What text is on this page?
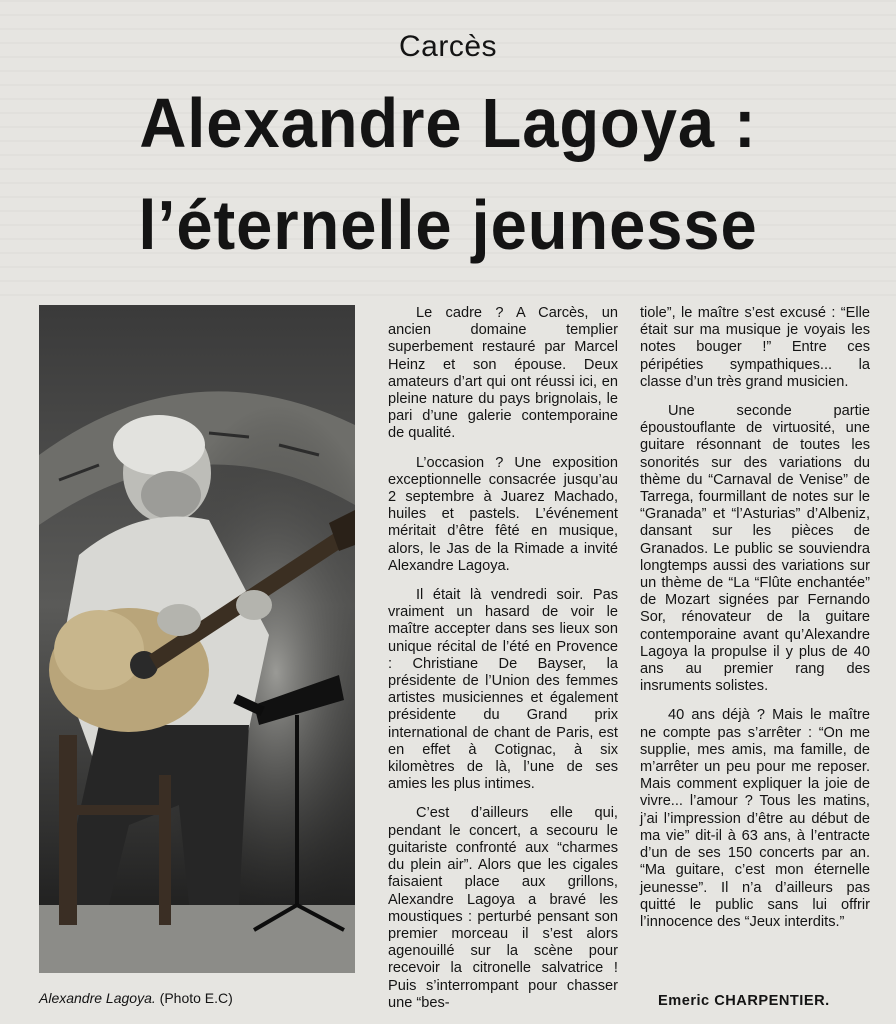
Carcès
Alexandre Lagoya :
l’éternelle jeunesse
Alexandre Lagoya. (Photo E.C)

Le cadre ? A Carcès, un ancien domaine templier superbement restauré par Marcel Heinz et son épouse. Deux amateurs d’art qui ont réussi ici, en pleine nature du pays brignolais, le pari d’une galerie contemporaine de qualité.

L’occasion ? Une exposition exceptionnelle consacrée jusqu’au 2 septembre à Juarez Machado, huiles et pastels. L’événement méritait d’être fêté en musique, alors, le Jas de la Rimade a invité Alexandre Lagoya.

Il était là vendredi soir. Pas vraiment un hasard de voir le maître accepter dans ses lieux son unique récital de l’été en Provence : Christiane De Bayser, la présidente de l’Union des femmes artistes musiciennes et également présidente du Grand prix international de chant de Paris, est en effet à Cotignac, à six kilomètres de là, l’une de ses amies les plus intimes.

C’est d’ailleurs elle qui, pendant le concert, a secouru le guitariste confronté aux “charmes du plein air”. Alors que les cigales faisaient place aux grillons, Alexandre Lagoya a bravé les moustiques : perturbé pensant son premier morceau il s’est alors agenouillé sur la scène pour recevoir la citronelle salvatrice ! Puis s’interrompant pour chasser une “bes-

tiole”, le maître s’est excusé : “Elle était sur ma musique je voyais les notes bouger !” Entre ces péripéties sympathiques... la classe d’un très grand musicien.

Une seconde partie époustouflante de virtuosité, une guitare résonnant de toutes les sonorités sur des variations du thème du “Carnaval de Venise” de Tarrega, fourmillant de notes sur le “Granada” et “l’Asturias” d’Albeniz, dansant sur les pièces de Granados. Le public se souviendra longtemps aussi des variations sur un thème de “La “Flûte enchantée” de Mozart signées par Fernando Sor, rénovateur de la guitare contemporaine avant qu’Alexandre Lagoya la propulse il y plus de 40 ans au premier rang des insruments solistes.

40 ans déjà ? Mais le maître ne compte pas s’arrêter : “On me supplie, mes amis, ma famille, de m’arrêter un peu pour me reposer. Mais comment expliquer la joie de vivre... l’amour ? Tous les matins, j’ai l’impression d’être au début de ma vie” dit-il à 63 ans, à l’entracte d’un de ses 150 concerts par an. “Ma guitare, c’est mon éternelle jeunesse”. Il n’a d’ailleurs pas quitté le public sans lui offrir l’innocence des “Jeux interdits.”

Emeric CHARPENTIER.
